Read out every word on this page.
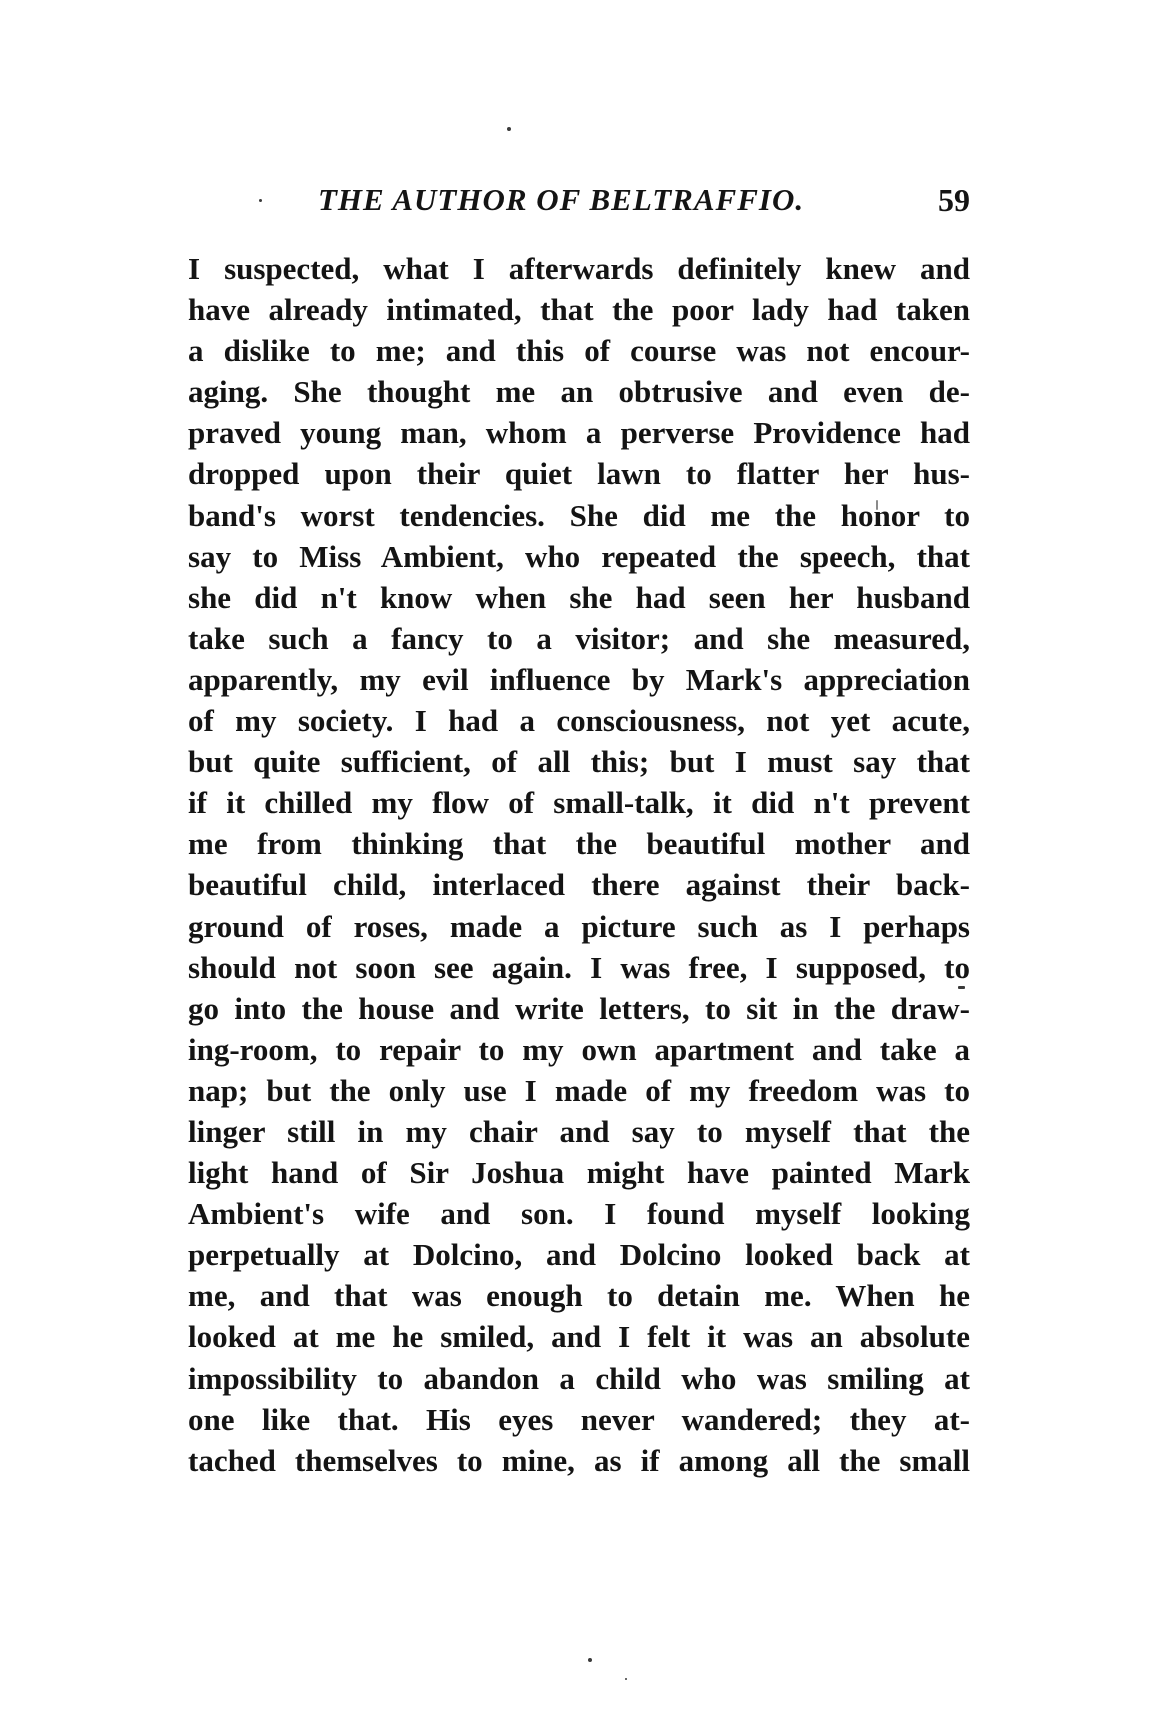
THE AUTHOR OF BELTRAFFIO.	59
I suspected, what I afterwards definitely knew and
have already intimated, that the poor lady had taken
a dislike to me; and this of course was not encour-
aging. She thought me an obtrusive and even de-
praved young man, whom a perverse Providence had
dropped upon their quiet lawn to flatter her hus-
band's worst tendencies. She did me the honor to
say to Miss Ambient, who repeated the speech, that
she did n't know when she had seen her husband
take such a fancy to a visitor; and she measured,
apparently, my evil influence by Mark's appreciation
of my society. I had a consciousness, not yet acute,
but quite sufficient, of all this; but I must say that
if it chilled my flow of small-talk, it did n't prevent
me from thinking that the beautiful mother and
beautiful child, interlaced there against their back-
ground of roses, made a picture such as I perhaps
should not soon see again. I was free, I supposed, to
go into the house and write letters, to sit in the draw-
ing-room, to repair to my own apartment and take a
nap; but the only use I made of my freedom was to
linger still in my chair and say to myself that the
light hand of Sir Joshua might have painted Mark
Ambient's wife and son. I found myself looking
perpetually at Dolcino, and Dolcino looked back at
me, and that was enough to detain me. When he
looked at me he smiled, and I felt it was an absolute
impossibility to abandon a child who was smiling at
one like that. His eyes never wandered; they at-
tached themselves to mine, as if among all the small
